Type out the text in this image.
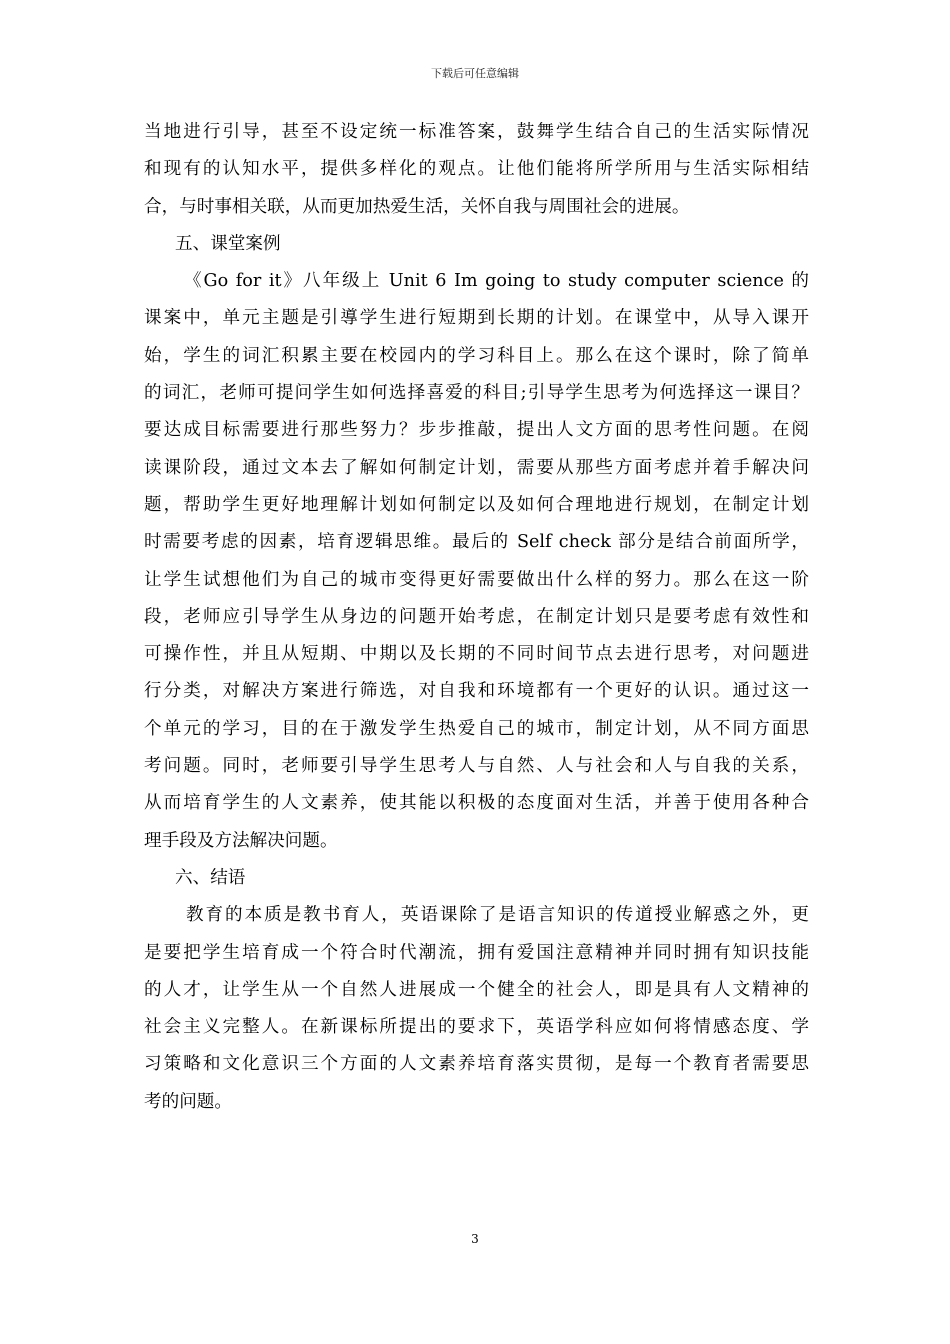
下载后可任意编辑
当地进行引导，甚至不设定统一标准答案，鼓舞学生结合自己的生活实际情况
和现有的认知水平，提供多样化的观点。让他们能将所学所用与生活实际相结
合，与时事相关联，从而更加热爱生活，关怀自我与周围社会的进展。
五、课堂案例
《Go for it》八年级上 Unit 6 Im going to study computer science 的
课案中，单元主题是引導学生进行短期到长期的计划。在课堂中，从导入课开
始，学生的词汇积累主要在校园内的学习科目上。那么在这个课时，除了简单
的词汇，老师可提问学生如何选择喜爱的科目;引导学生思考为何选择这一课目？
要达成目标需要进行那些努力？步步推敲，提出人文方面的思考性问题。在阅
读课阶段，通过文本去了解如何制定计划，需要从那些方面考虑并着手解决问
题，帮助学生更好地理解计划如何制定以及如何合理地进行规划，在制定计划
时需要考虑的因素，培育逻辑思维。最后的 Self check 部分是结合前面所学，
让学生试想他们为自己的城市变得更好需要做出什么样的努力。那么在这一阶
段，老师应引导学生从身边的问题开始考虑，在制定计划只是要考虑有效性和
可操作性，并且从短期、中期以及长期的不同时间节点去进行思考，对问题进
行分类，对解决方案进行筛选，对自我和环境都有一个更好的认识。通过这一
个单元的学习，目的在于激发学生热爱自己的城市，制定计划，从不同方面思
考问题。同时，老师要引导学生思考人与自然、人与社会和人与自我的关系，
从而培育学生的人文素养，使其能以积极的态度面对生活，并善于使用各种合
理手段及方法解决问题。
六、结语
教育的本质是教书育人，英语课除了是语言知识的传道授业解惑之外，更
是要把学生培育成一个符合时代潮流，拥有爱国注意精神并同时拥有知识技能
的人才，让学生从一个自然人进展成一个健全的社会人，即是具有人文精神的
社会主义完整人。在新课标所提出的要求下，英语学科应如何将情感态度、学
习策略和文化意识三个方面的人文素养培育落实贯彻，是每一个教育者需要思
考的问题。
3
